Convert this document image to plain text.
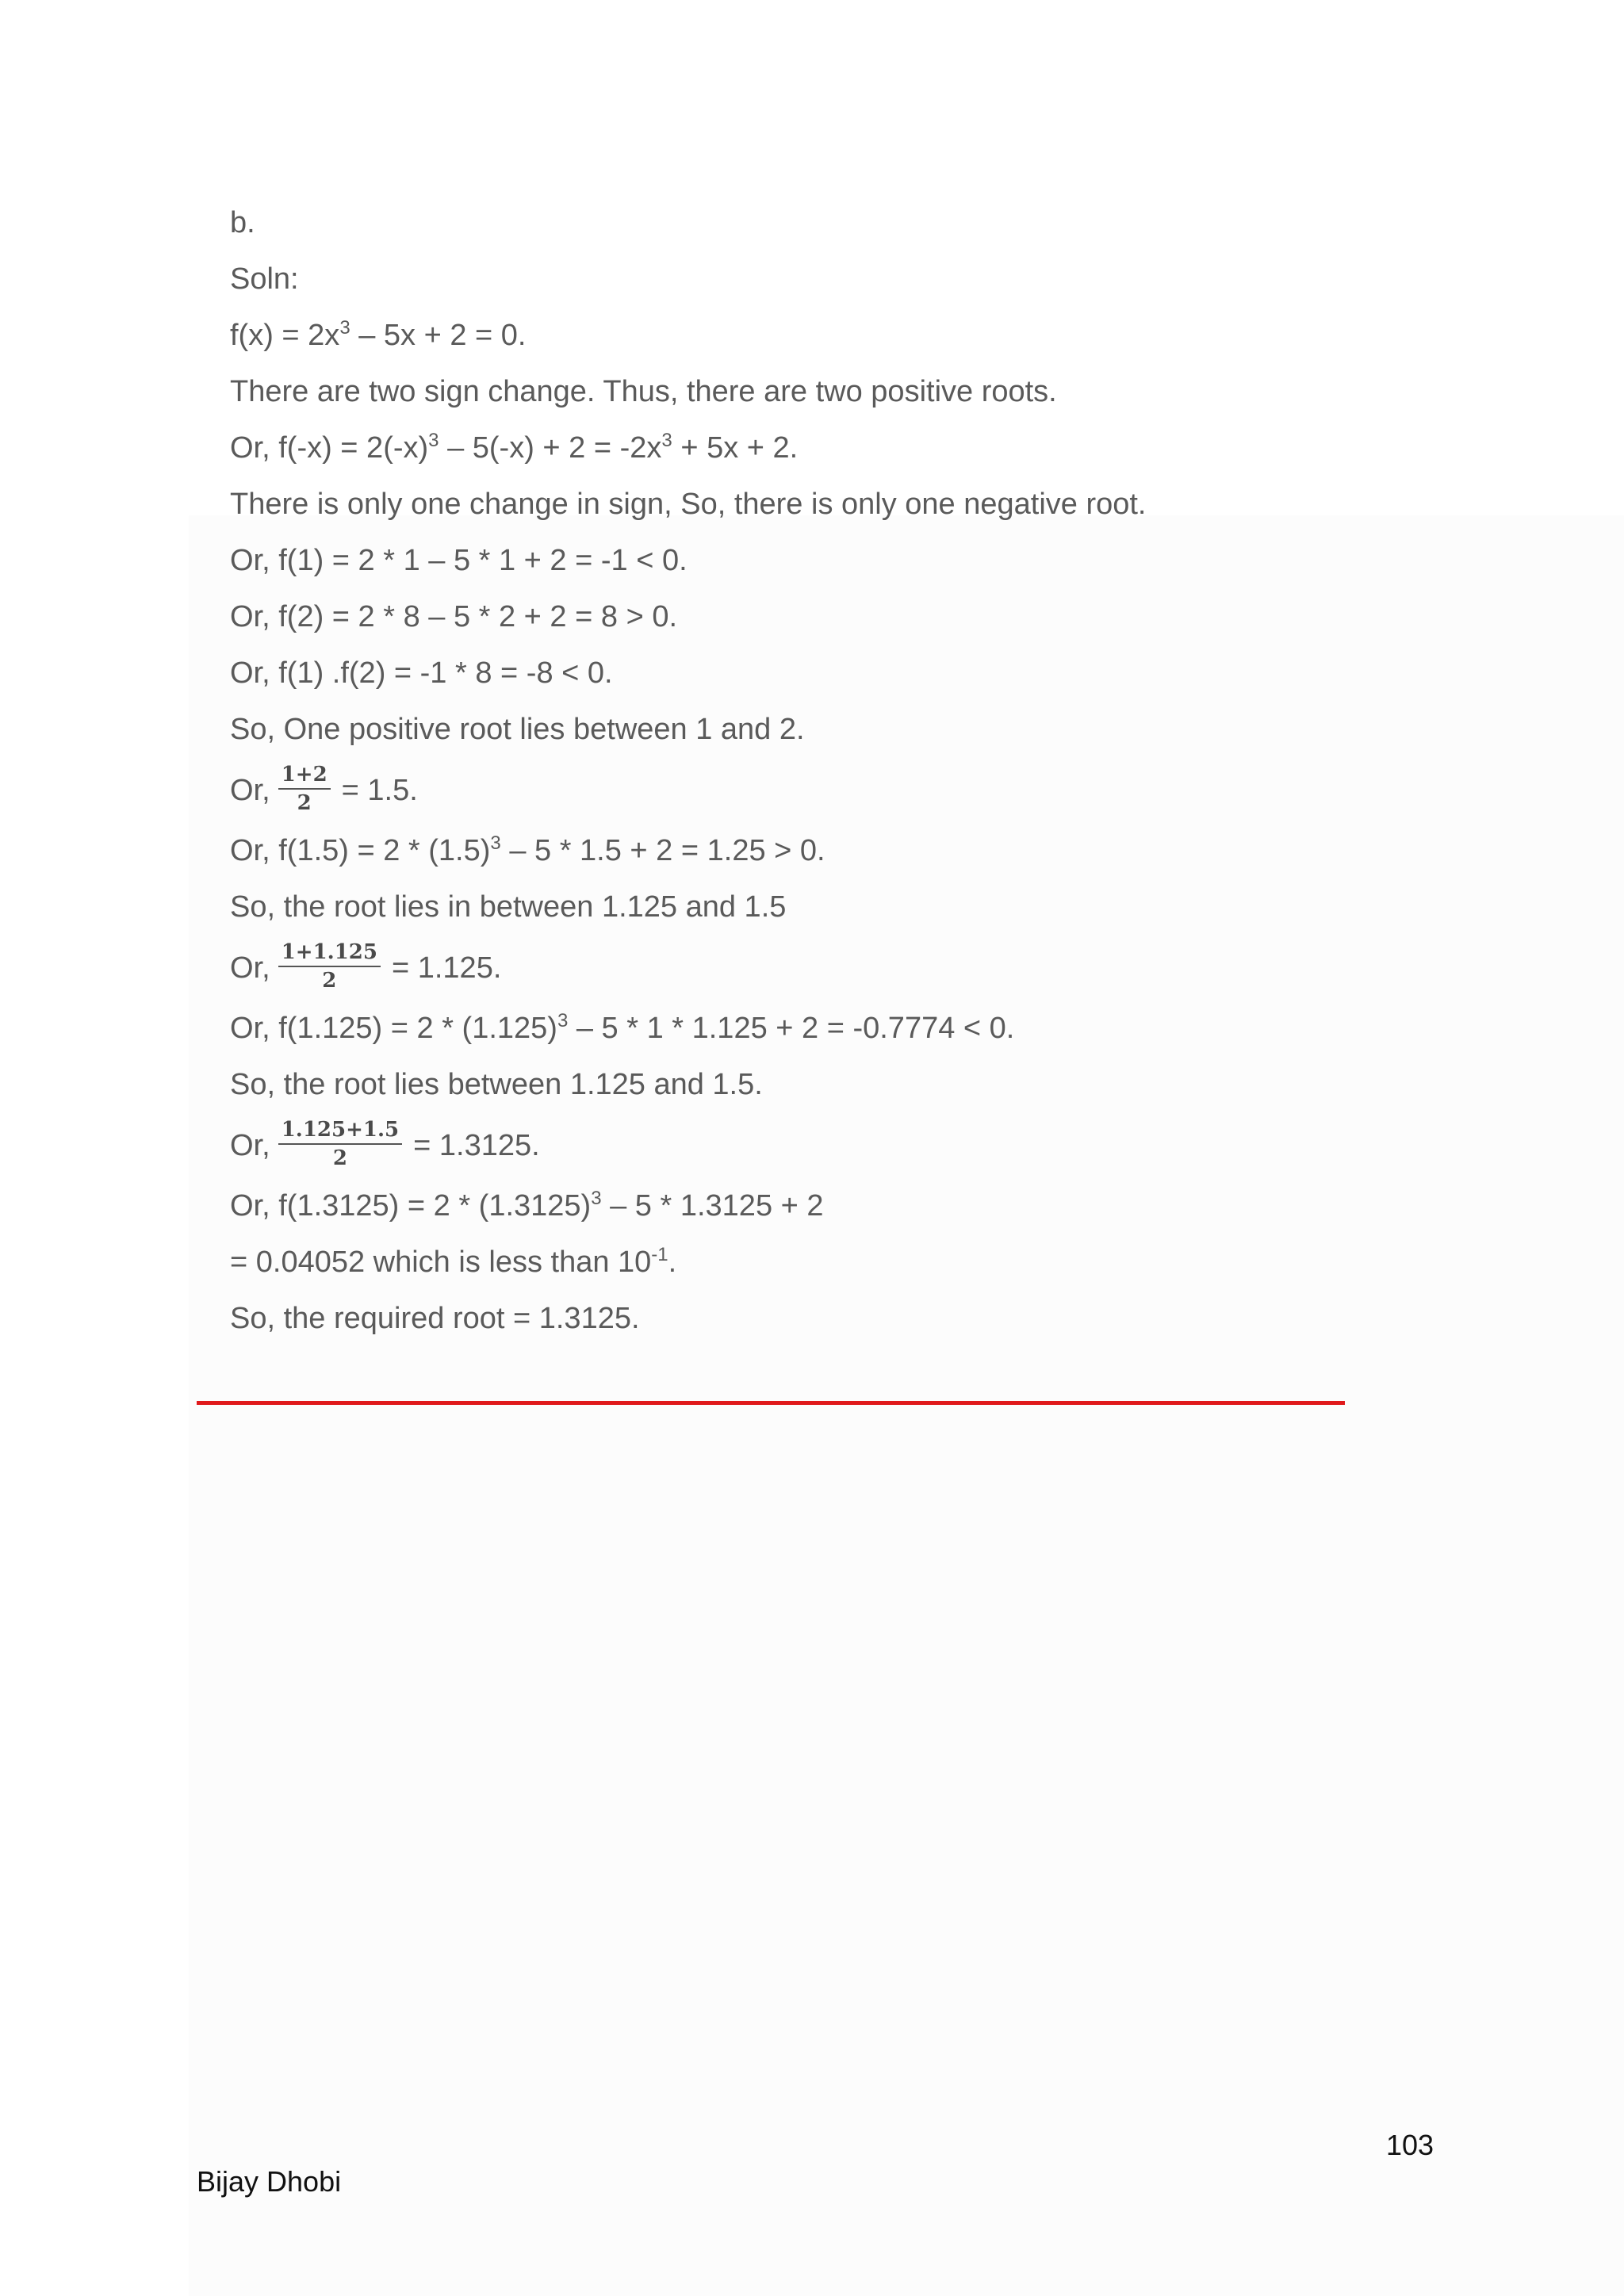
b.
Soln:
$f(x) = 2x^3 - 5x + 2 = 0$.
There are two sign change. Thus, there are two positive roots.
Or, $f(-x) = 2(-x)^3 - 5(-x) + 2 = -2x^3 + 5x + 2$.
There is only one change in sign, So, there is only one negative root.
Or, f(1) = 2 * 1 – 5 * 1 + 2 = -1 < 0.
Or, f(2) = 2 * 8 – 5 * 2 + 2 = 8 > 0.
Or, f(1) .f(2) = -1 * 8 = -8 < 0.
So, One positive root lies between 1 and 2.
Or, $\frac{1+2}{2} = 1.5$.
Or, $f(1.5) = 2 * (1.5)^3 - 5 * 1.5 + 2 = 1.25 > 0$.
So, the root lies in between 1.125 and 1.5
Or, $\frac{1+1.125}{2} = 1.125$.
Or, $f(1.125) = 2 * (1.125)^3 - 5 * 1 * 1.125 + 2 = -0.7774 < 0$.
So, the root lies between 1.125 and 1.5.
Or, $\frac{1.125+1.5}{2} = 1.3125$.
Or, $f(1.3125) = 2 * (1.3125)^3 - 5 * 1.3125 + 2$
= 0.04052 which is less than $10^{-1}$.
So, the required root = 1.3125.
103
Bijay Dhobi
